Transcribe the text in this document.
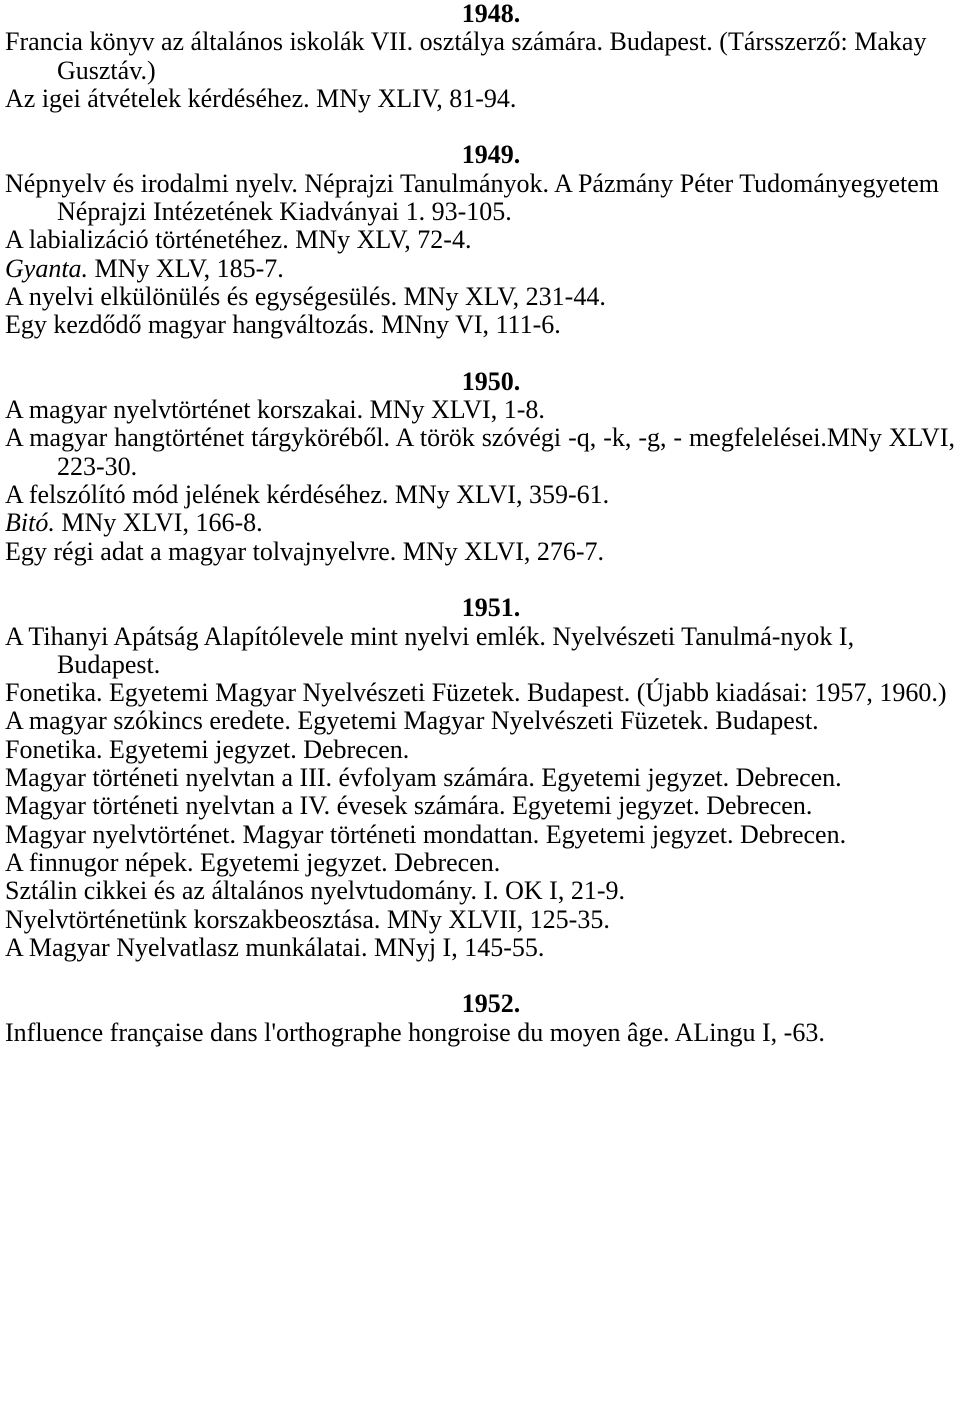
1948.

Francia könyv az általános iskolák VII. osztálya számára. Budapest. (Társszerző: Makay Gusztáv.)

Az igei átvételek kérdéséhez. MNy XLIV, 81-94.

1949.

Népnyelv és irodalmi nyelv. Néprajzi Tanulmányok. A Pázmány Péter Tudományegyetem Néprajzi Intézetének Kiadványai 1. 93-105.

A labializáció történetéhez. MNy XLV, 72-4.

Gyanta. MNy XLV, 185-7.

A nyelvi elkülönülés és egységesülés. MNy XLV, 231-44.

Egy kezdődő magyar hangváltozás. MNny VI, 111-6.

1950.

A magyar nyelvtörténet korszakai. MNy XLVI, 1-8.

A magyar hangtörténet tárgyköréből. A török szóvégi -q, -k, -g, - megfelelései.MNy XLVI, 223-30.

A felszólító mód jelének kérdéséhez. MNy XLVI, 359-61.

Bitó. MNy XLVI, 166-8.

Egy régi adat a magyar tolvajnyelvre. MNy XLVI, 276-7.

1951.

A Tihanyi Apátság Alapítólevele mint nyelvi emlék. Nyelvészeti Tanulmá-nyok I, Budapest.

Fonetika. Egyetemi Magyar Nyelvészeti Füzetek. Budapest. (Újabb kiadásai: 1957, 1960.)

A magyar szókincs eredete. Egyetemi Magyar Nyelvészeti Füzetek. Budapest.

Fonetika. Egyetemi jegyzet. Debrecen.

Magyar történeti nyelvtan a III. évfolyam számára. Egyetemi jegyzet. Debrecen.

Magyar történeti nyelvtan a IV. évesek számára. Egyetemi jegyzet. Debrecen.

Magyar nyelvtörténet. Magyar történeti mondattan. Egyetemi jegyzet. Debrecen.

A finnugor népek. Egyetemi jegyzet. Debrecen.

Sztálin cikkei és az általános nyelvtudomány. I. OK I, 21-9.

Nyelvtörténetünk korszakbeosztása. MNy XLVII, 125-35.

A Magyar Nyelvatlasz munkálatai. MNyj I, 145-55.

1952.

Influence française dans l'orthographe hongroise du moyen âge. ALingu I, -63.
